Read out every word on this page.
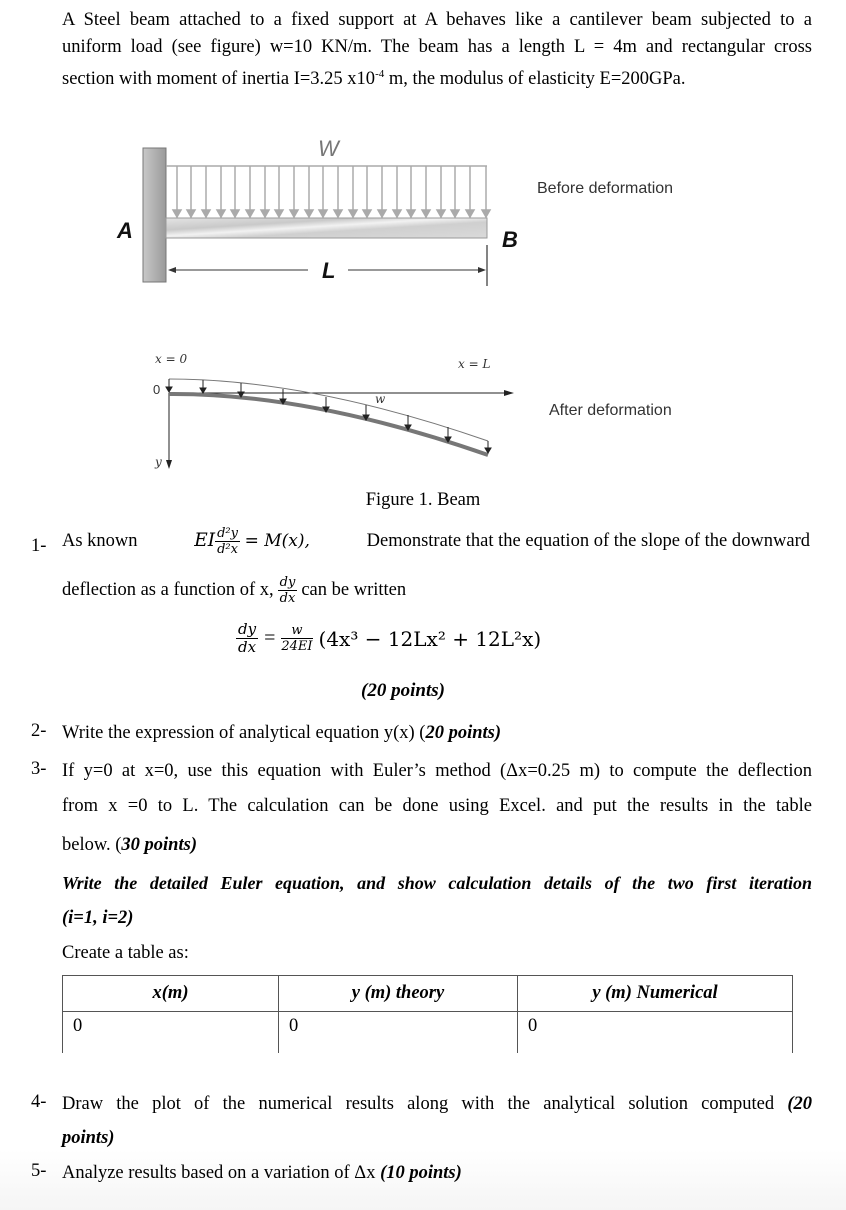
A Steel beam attached to a fixed support at A behaves like a cantilever beam subjected to a
uniform load (see figure) w=10 KN/m. The beam has a length L = 4m and rectangular cross
section with moment of inertia I=3.25 $x10^{-4}$ m, the modulus of elasticity E=200GPa.
W
A	B
L
Before deformation
x = 0	x = L
0
w
y
After deformation
Figure 1. Beam
1- As known	EI $\frac{\text{d²y}}{\text{d²x}} = M(x)$,	Demonstrate that the equation of the slope of the downward
deflection as a function of x, $\frac{dy}{dx}$ can be written
$\frac{dy}{dx} = \frac{w}{24EI} (4x^3 - 12Lx^2 + 12L^2x)$
(20 points)
2- Write the expression of analytical equation y(x) (20 points)
3- If y=0 at x=0, use this equation with Euler’s method (Δx=0.25 m) to compute the deflection
from x =0 to L. The calculation can be done using Excel. and put the results in the table
below. (30 points)
Write the detailed Euler equation, and show calculation details of the two first iteration
(i=1, i=2)
Create a table as:
x(m)	y (m) theory	y (m) Numerical
0	0	0
4- Draw the plot of the numerical results along with the analytical solution computed (20
points)
5- Analyze results based on a variation of Δx (10 points)
